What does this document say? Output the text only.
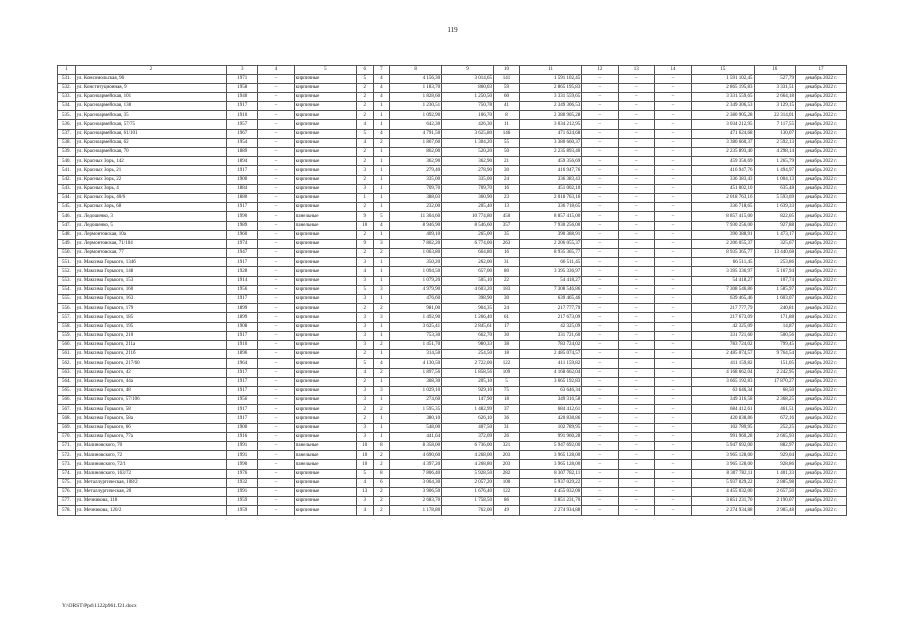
119
1	2	3	4	5	6	7	8	9	10	11	12	13	14	15	16	17
531.	ул. Комсомольская, 96	1971	–	кирпичные	5	4	4 156,30	3 014,65	141	1 591 102,45	–	–	–	1 591 102,45	527,79	декабрь 2022 г.
532.	ул. Конституционная, 9	1958	–	кирпичные	2	4	1 183,70	860,03	59	2 865 195,83	–	–	–	2 865 195,83	3 331,51	декабрь 2022 г.
533.	ул. Красноармейская, 101	1940	–	кирпичные	2	4	1 828,60	1 250,50	60	3 331 559,65	–	–	–	3 331 559,65	2 664,18	декабрь 2022 г.
534.	ул. Красноармейская, 138	1917	–	кирпичные	2	1	1 230,51	750,78	41	2 349 306,53	–	–	–	2 349 306,53	3 129,15	декабрь 2022 г.
535.	ул. Красноармейская, 35	1910	–	кирпичные	2	1	1 092,90	106,70	8	2 380 905,28	–	–	–	2 380 905,28	22 314,01	декабрь 2022 г.
536.	ул. Красноармейская, 57/75	1957	–	кирпичные	4	1	642,30	426,30	11	3 034 212,95	–	–	–	3 034 212,95	7 117,55	декабрь 2022 г.
537.	ул. Красноармейская, 61/101	1967	–	кирпичные	5	4	4 791,50	3 625,80	146	471 624,68	–	–	–	471 624,68	130,07	декабрь 2022 г.
538.	ул. Красноармейская, 62	1954	–	кирпичные	4	2	1 867,60	1 304,20	55	3 380 660,37	–	–	–	3 380 660,37	2 592,13	декабрь 2022 г.
539.	ул. Красноармейская, 70	1889	–	кирпичные	2	1	862,00	520,20	50	2 235 893,40	–	–	–	2 235 893,40	4 298,14	декабрь 2022 г.
540.	ул. Красных Зорь, 142	1894	–	кирпичные	2	1	362,90	362,90	21	459 356,69	–	–	–	459 356,69	1 265,79	декабрь 2022 г.
541.	ул. Красных Зорь, 21	1917	–	кирпичные	3	1	279,40	278,90	30	416 947,76	–	–	–	416 947,76	1 494,97	декабрь 2022 г.
542.	ул. Красных Зорь, 22	1900	–	кирпичные	2	1	335,00	335,00	24	336 383,43	–	–	–	336 383,43	1 004,13	декабрь 2022 г.
543.	ул. Красных Зорь, 4	1884	–	кирпичные	3	1	709,70	709,70	16	451 002,10	–	–	–	451 002,10	635,48	декабрь 2022 г.
544.	ул. Красных Зорь, 40/6	1880	–	кирпичные	1	1	388,03	360,90	23	2 018 763,16	–	–	–	2 018 763,16	5 593,69	декабрь 2022 г.
545.	ул. Красных Зорь, 68	1917	–	кирпичные	2	1	232,00	205,40	13	336 718,65	–	–	–	336 718,65	1 639,33	декабрь 2022 г.
546.	ул. Ледошенко, 3	1990	–	панельные	9	5	11 304,60	10 774,80	450	8 857 415,00	–	–	–	8 857 415,00	822,05	декабрь 2022 г.
547.	ул. Ледошенко, 5	1989	–	панельные	10	4	8 946,90	8 546,60	357	7 930 256,00	–	–	–	7 930 256,00	927,88	декабрь 2022 г.
548.	ул. Лермонтовская, 10а	1960	–	кирпичные	2	1	409,10	265,00	35	390 388,91	–	–	–	390 388,91	1 473,17	декабрь 2022 г.
549.	ул. Лермонтовская, 71/104	1974	–	кирпичные	9	3	7 802,20	6 774,00	263	2 206 055,37	–	–	–	2 206 055,37	325,67	декабрь 2022 г.
550.	ул. Лермонтовская, 77	1947	–	кирпичные	2	2	1 063,80	664,80	16	8 935 365,77	–	–	–	8 935 365,77	13 440,68	декабрь 2022 г.
551.	ул. Максима Горького, 134б	1917	–	кирпичные	3	1	350,20	262,00	31	66 511,45	–	–	–	66 511,45	253,86	декабрь 2022 г.
552.	ул. Максима Горького, 148	1928	–	кирпичные	4	1	1 094,50	657,00	80	3 395 336,97	–	–	–	3 395 336,97	5 167,94	декабрь 2022 г.
553.	ул. Максима Горького, 153	1914	–	кирпичные	3	1	1 079,20	505,10	22	54 418,27	–	–	–	54 418,27	107,74	декабрь 2022 г.
554.	ул. Максима Горького, 160	1956	–	кирпичные	5	3	4 979,90	4 603,20	183	7 308 546,86	–	–	–	7 308 546,86	1 585,97	декабрь 2022 г.
555.	ул. Максима Горького, 163	1917	–	кирпичные	3	1	476,60	398,90	30	639 465,46	–	–	–	639 465,46	1 603,07	декабрь 2022 г.
556.	ул. Максима Горького, 179	1899	–	кирпичные	2	2	981,00	904,35	24	217 777,79	–	–	–	217 777,79	240,81	декабрь 2022 г.
557.	ул. Максима Горького, 185	1899	–	кирпичные	3	3	1 492,90	1 266,40	61	217 673,09	–	–	–	217 673,09	171,88	декабрь 2022 г.
558.	ул. Максима Горького, 195	1908	–	кирпичные	3	1	3 625,41	2 845,61	17	42 325,09	–	–	–	42 325,09	14,87	декабрь 2022 г.
559.	ул. Максима Горького, 210	1917	–	кирпичные	3	1	753,30	662,70	30	331 721,60	–	–	–	331 721,60	500,56	декабрь 2022 г.
560.	ул. Максима Горького, 211а	1910	–	кирпичные	3	2	1 451,70	980,33	38	783 724,02	–	–	–	783 724,02	799,45	декабрь 2022 г.
561.	ул. Максима Горького, 211б	1896	–	кирпичные	2	1	314,50	254,50	18	2 485 074,57	–	–	–	2 485 074,57	9 764,54	декабрь 2022 г.
562.	ул. Максима Горького, 217/60	1964	–	кирпичные	5	4	4 130,50	2 722,00	122	411 159,82	–	–	–	411 159,82	151,05	декабрь 2022 г.
563.	ул. Максима Горького, 42	1917	–	кирпичные	4	2	1 897,56	1 858,56	109	4 168 662,04	–	–	–	4 168 662,04	2 242,95	декабрь 2022 г.
564.	ул. Максима Горького, 44а	1917	–	кирпичные	2	1	308,30	205,10	5	3 665 192,83	–	–	–	3 665 192,83	17 870,27	декабрь 2022 г.
565.	ул. Максима Горького, 48	1917	–	кирпичные	3	3	1 029,10	929,10	75	63 646,34	–	–	–	63 646,34	68,50	декабрь 2022 г.
566.	ул. Максима Горького, 57/106	1956	–	кирпичные	3	1	274,60	147,90	18	349 316,58	–	–	–	349 316,58	2 368,25	декабрь 2022 г.
567.	ул. Максима Горького, 58	1917	–	кирпичные	2	2	1 595,35	1 482,99	37	684 412,61	–	–	–	684 412,61	461,51	декабрь 2022 г.
568.	ул. Максима Горького, 58а	1917	–	кирпичные	2	1	380,10	626,10	36	420 838,86	–	–	–	420 838,86	672,16	декабрь 2022 г.
569.	ул. Максима Горького, 66	1900	–	кирпичные	3	1	548,00	407,50	31	102 789,95	–	–	–	102 789,95	252,25	декабрь 2022 г.
570.	ул. Максима Горького, 77а	1916	–	кирпичные	3	1	441,64	372,09	26	991 960,28	–	–	–	991 960,28	2 665,93	декабрь 2022 г.
571.	ул. Малиновского, 70	1991	–	панельные	10	8	8 358,00	6 736,00	321	5 947 692,00	–	–	–	5 947 692,00	882,97	декабрь 2022 г.
572.	ул. Малиновского, 72	1991	–	панельные	10	2	4 690,60	4 268,00	203	3 965 128,00	–	–	–	3 965 128,00	929,04	декабрь 2022 г.
573.	ул. Малиновского, 72/1	1990	–	панельные	10	2	4 397,20	4 268,80	203	3 965 128,00	–	–	–	3 965 128,00	928,86	декабрь 2022 г.
574.	ул. Малиновского, 163/72	1976	–	кирпичные	5	8	7 806,40	5 928,50	282	8 307 782,11	–	–	–	8 307 782,11	1 401,33	декабрь 2022 г.
575.	ул. Металлургическая, 108/2	1932	–	кирпичные	4	6	3 064,30	2 057,20	100	5 937 029,22	–	–	–	5 937 029,22	2 885,98	декабрь 2022 г.
576.	ул. Металлургическая, 20	1991	–	кирпичные	13	2	3 906,50	1 676,40	122	4 455 032,00	–	–	–	4 455 032,00	2 657,50	декабрь 2022 г.
577.	ул. Мечникова, 118	1959	–	кирпичные	3	2	2 683,70	1 758,50	86	3 851 231,70	–	–	–	3 851 231,70	2 190,07	декабрь 2022 г.
578.	ул. Мечникова, 120/2	1959	–	кирпичные	4	2	1 178,80	762,00	49	2 274 934,88	–	–	–	2 274 934,88	2 985,48	декабрь 2022 г.
Y:\ORST\Ppd\1122p961.f21.docx
